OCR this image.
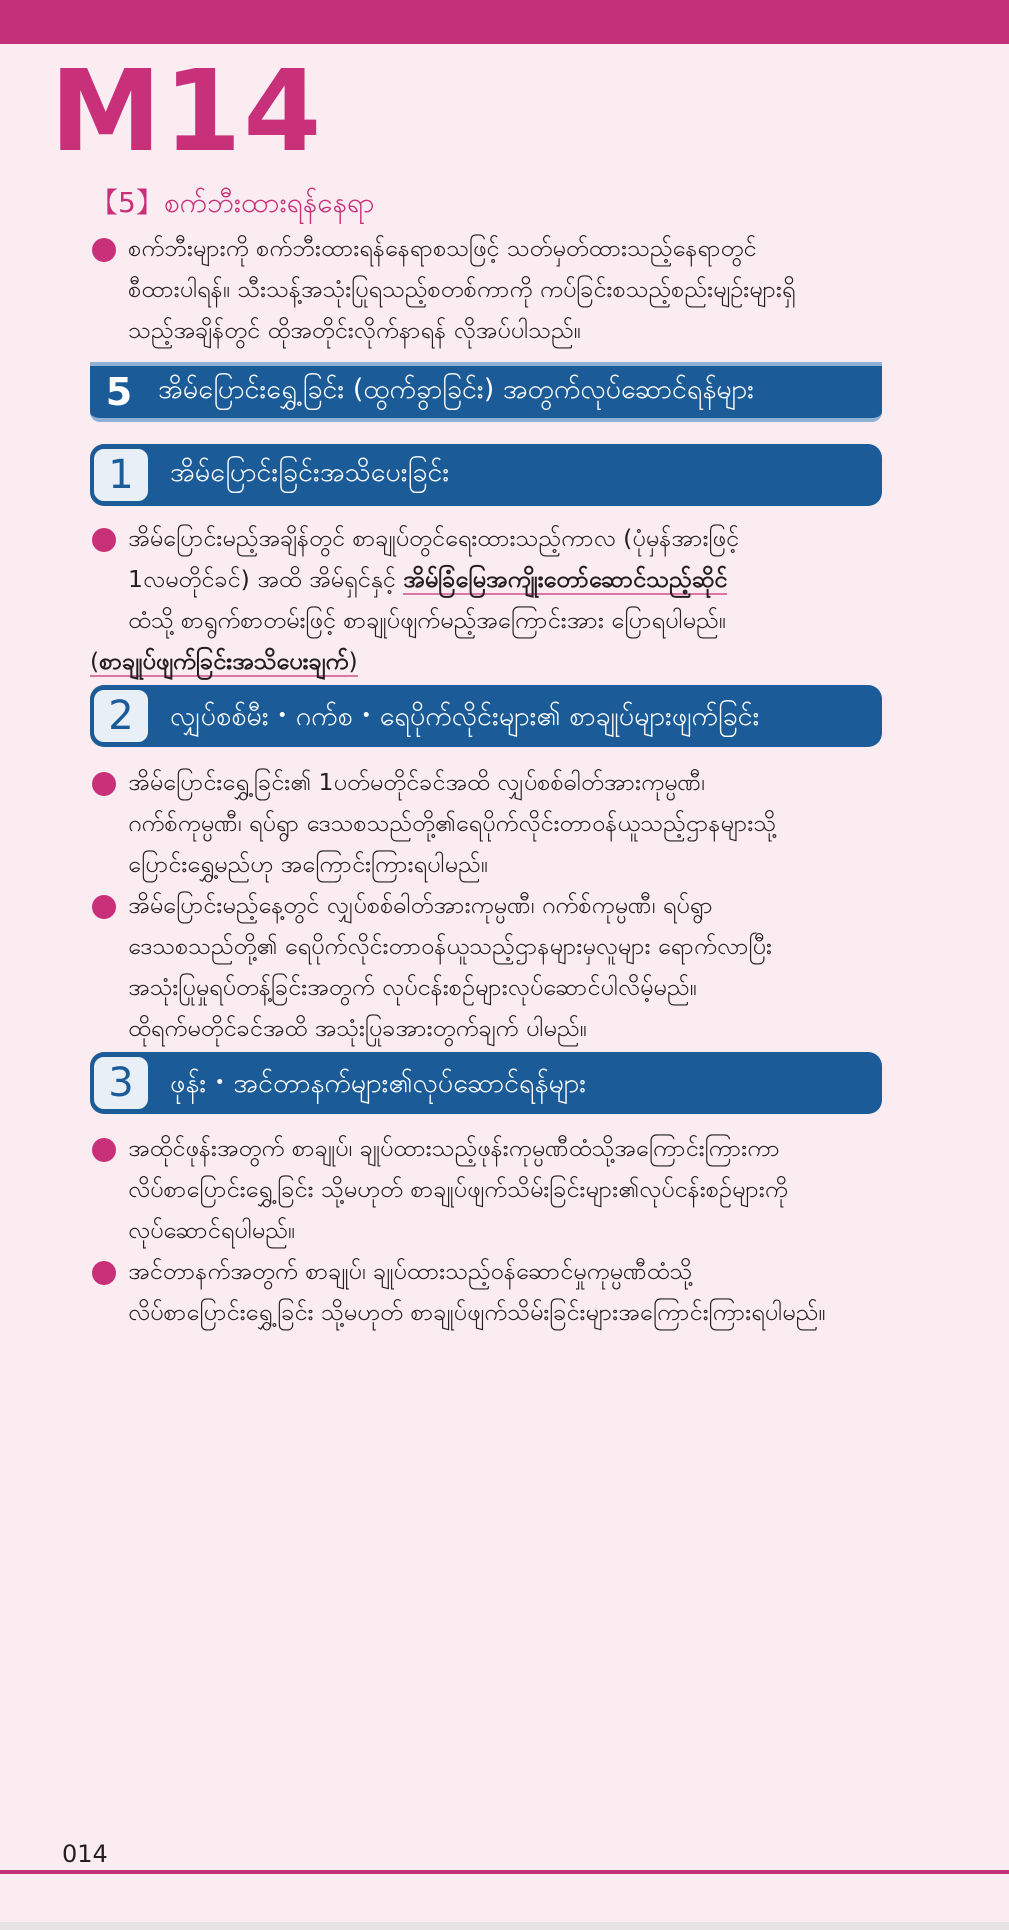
M14
【5】စက်ဘီးထားရန်နေရာ
စက်ဘီးများကို စက်ဘီးထားရန်နေရာစသဖြင့် သတ်မှတ်ထားသည့်နေရာတွင်
စီထားပါရန်။ သီးသန့်အသုံးပြုရသည့်စတစ်ကာကို ကပ်ခြင်းစသည့်စည်းမျဉ်းများရှိ
သည့်အချိန်တွင် ထိုအတိုင်းလိုက်နာရန် လိုအပ်ပါသည်။
5 အိမ်ပြောင်းရွှေ့ခြင်း (ထွက်ခွာခြင်း) အတွက်လုပ်ဆောင်ရန်များ
1	အိမ်ပြောင်းခြင်းအသိပေးခြင်း
အိမ်ပြောင်းမည့်အချိန်တွင် စာချုပ်တွင်ရေးထားသည့်ကာလ (ပုံမှန်အားဖြင့်
1လမတိုင်ခင်) အထိ အိမ်ရှင်နှင့် အိမ်ခြံမြေအကျိုးတော်ဆောင်သည့်ဆိုင်
ထံသို့ စာရွက်စာတမ်းဖြင့် စာချုပ်ဖျက်မည့်အကြောင်းအား ပြောရပါမည်။
(စာချုပ်ဖျက်ခြင်းအသိပေးချက်)
2	လျှပ်စစ်မီး・ဂက်စ・ရေပိုက်လိုင်းများ၏ စာချုပ်များဖျက်ခြင်း
အိမ်ပြောင်းရွှေ့ခြင်း၏ 1ပတ်မတိုင်ခင်အထိ လျှပ်စစ်ဓါတ်အားကုမ္ပဏီ၊
ဂက်စ်ကုမ္ပဏီ၊ ရပ်ရွာ ဒေသစသည်တို့၏ရေပိုက်လိုင်းတာဝန်ယူသည့်ဌာနများသို့
ပြောင်းရွှေ့မည်ဟု အကြောင်းကြားရပါမည်။
အိမ်ပြောင်းမည့်နေ့တွင် လျှပ်စစ်ဓါတ်အားကုမ္ပဏီ၊ ဂက်စ်ကုမ္ပဏီ၊ ရပ်ရွာ
ဒေသစသည်တို့၏ ရေပိုက်လိုင်းတာဝန်ယူသည့်ဌာနများမှလူများ ရောက်လာပြီး
အသုံးပြုမှုရပ်တန့်ခြင်းအတွက် လုပ်ငန်းစဉ်များလုပ်ဆောင်ပါလိမ့်မည်။
ထိုရက်မတိုင်ခင်အထိ အသုံးပြုခအားတွက်ချက် ပါမည်။
3	ဖုန်း・အင်တာနက်များ၏လုပ်ဆောင်ရန်များ
အထိုင်ဖုန်းအတွက် စာချုပ်၊ ချုပ်ထားသည့်ဖုန်းကုမ္ပဏီထံသို့အကြောင်းကြားကာ
လိပ်စာပြောင်းရွှေ့ခြင်း သို့မဟုတ် စာချုပ်ဖျက်သိမ်းခြင်းများ၏လုပ်ငန်းစဉ်များကို
လုပ်ဆောင်ရပါမည်။
အင်တာနက်အတွက် စာချုပ်၊ ချုပ်ထားသည့်ဝန်ဆောင်မှုကုမ္ပဏီထံသို့
လိပ်စာပြောင်းရွှေ့ခြင်း သို့မဟုတ် စာချုပ်ဖျက်သိမ်းခြင်းများအကြောင်းကြားရပါမည်။
014
